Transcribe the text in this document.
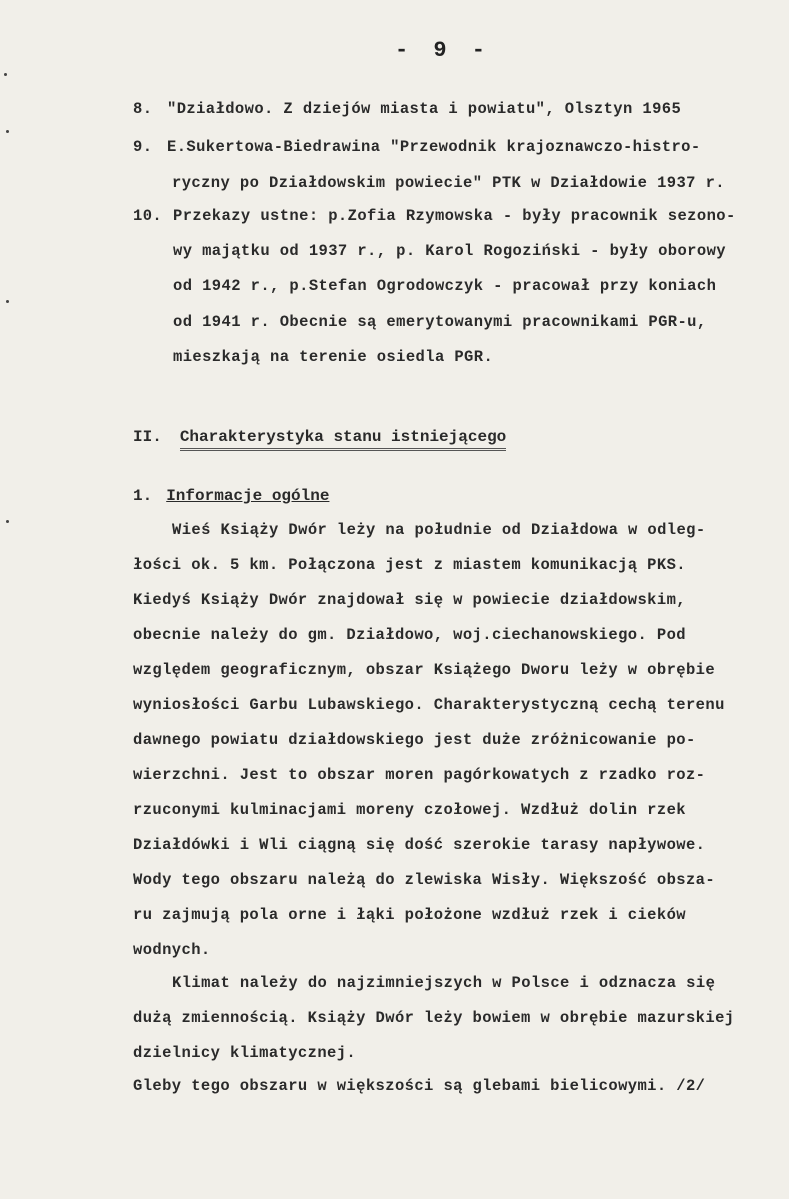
- 9 -
8. "Działdowo. Z dziejów miasta i powiatu", Olsztyn 1965
9. E.Sukertowa-Biedrawina "Przewodnik krajoznawczo-histro-
ryczny po Działdowskim powiecie" PTK w Działdowie 1937 r.
10. Przekazy ustne: p.Zofia Rzymowska - były pracownik sezono-
wy majątku od 1937 r., p. Karol Rogoziński - były oborowy
od 1942 r., p.Stefan Ogrodowczyk - pracował przy koniach
od 1941 r. Obecnie są emerytowanymi pracownikami PGR-u,
mieszkają na terenie osiedla PGR.
II. Charakterystyka stanu istniejącego
1. Informacje ogólne
Wieś Książy Dwór leży na południe od Działdowa w odleg-
łości ok. 5 km. Połączona jest z miastem komunikacją PKS.
Kiedyś Książy Dwór znajdował się w powiecie działdowskim,
obecnie należy do gm. Działdowo, woj.ciechanowskiego. Pod
względem geograficznym, obszar Książego Dworu leży w obrębie
wyniosłości Garbu Lubawskiego. Charakterystyczną cechą terenu
dawnego powiatu działdowskiego jest duże zróżnicowanie po-
wierzchni. Jest to obszar moren pagórkowatych z rzadko roz-
rzuconymi kulminacjami moreny czołowej. Wzdłuż dolin rzek
Działdówki i Wli ciągną się dość szerokie tarasy napływowe.
Wody tego obszaru należą do zlewiska Wisły. Większość obsza-
ru zajmują pola orne i łąki położone wzdłuż rzek i cieków
wodnych.
Klimat należy do najzimniejszych w Polsce i odznacza się
dużą zmiennością. Książy Dwór leży bowiem w obrębie mazurskiej
dzielnicy klimatycznej.
Gleby tego obszaru w większości są glebami bielicowymi. /2/
